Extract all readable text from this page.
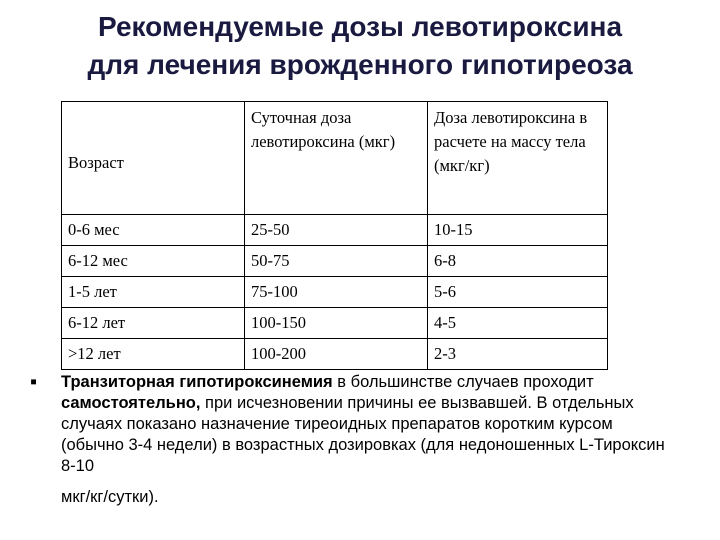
Рекомендуемые дозы левотироксина
для лечения врожденного гипотиреоза
Возраст	Суточная доза левотироксина (мкг)	Доза левотироксина в расчете на массу тела (мкг/кг)
0-6 мес	25-50	10-15
6-12 мес	50-75	6-8
1-5 лет	75-100	5-6
6-12 лет	100-150	4-5
>12 лет	100-200	2-3
▪ Транзиторная гипотироксинемия в большинстве случаев проходит самостоятельно, при исчезновении причины ее вызвавшей. В отдельных случаях показано назначение тиреоидных препаратов коротким курсом (обычно 3-4 недели) в возрастных дозировках (для недоношенных L-Тироксин 8-10
мкг/кг/сутки).
